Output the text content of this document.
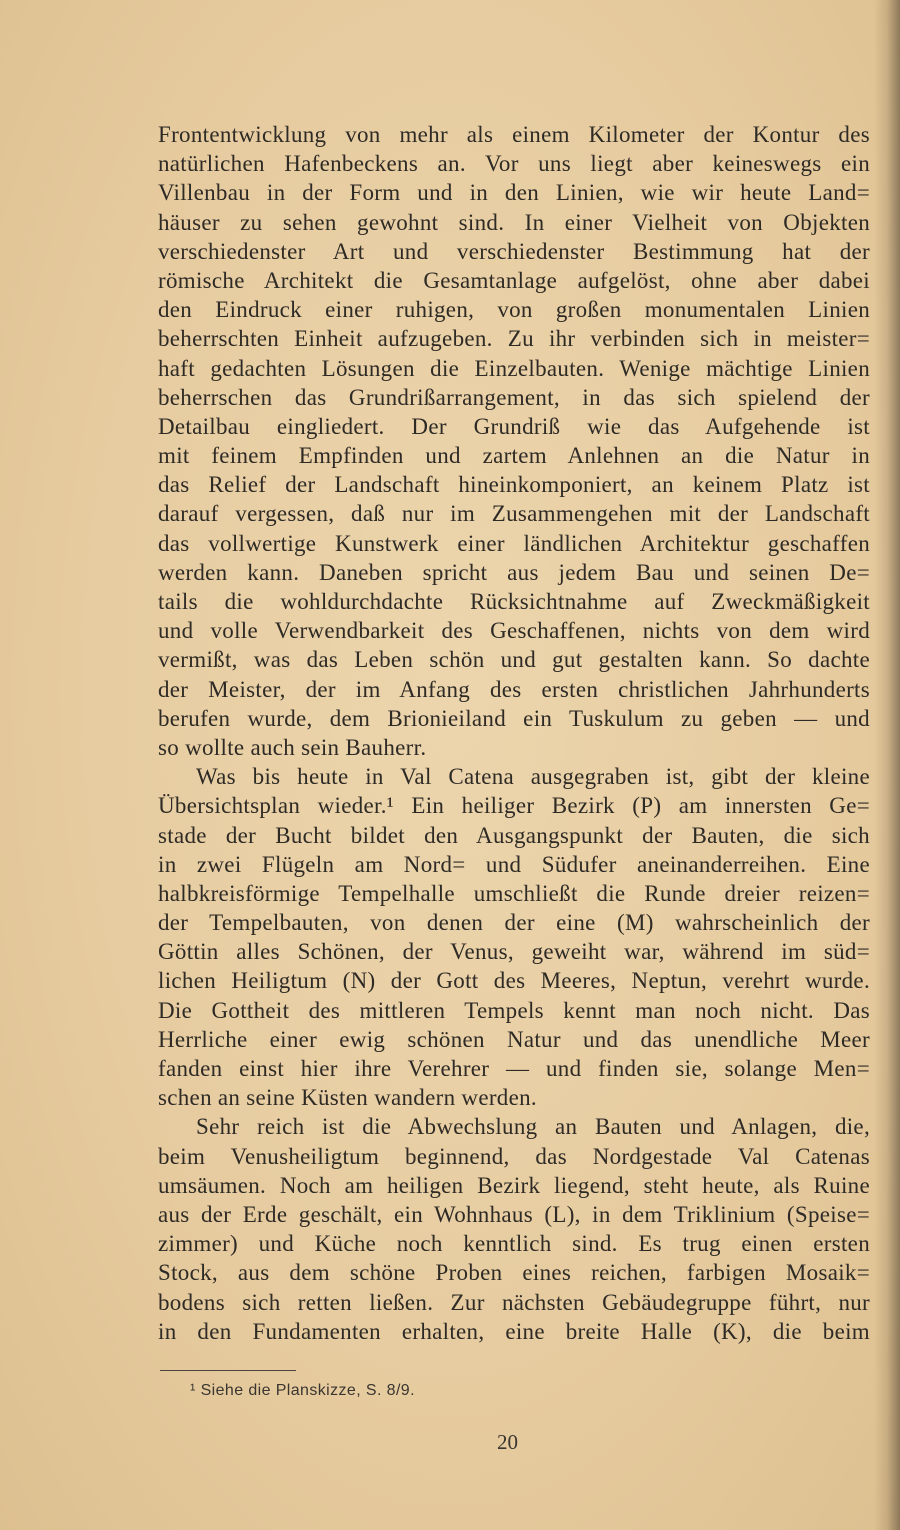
Frontentwicklung von mehr als einem Kilometer der Kontur des
natürlichen Hafenbeckens an. Vor uns liegt aber keineswegs ein
Villenbau in der Form und in den Linien, wie wir heute Land=
häuser zu sehen gewohnt sind. In einer Vielheit von Objekten
verschiedenster Art und verschiedenster Bestimmung hat der
römische Architekt die Gesamtanlage aufgelöst, ohne aber dabei
den Eindruck einer ruhigen, von großen monumentalen Linien
beherrschten Einheit aufzugeben. Zu ihr verbinden sich in meister=
haft gedachten Lösungen die Einzelbauten. Wenige mächtige Linien
beherrschen das Grundrißarrangement, in das sich spielend der
Detailbau eingliedert. Der Grundriß wie das Aufgehende ist
mit feinem Empfinden und zartem Anlehnen an die Natur in
das Relief der Landschaft hineinkomponiert, an keinem Platz ist
darauf vergessen, daß nur im Zusammengehen mit der Landschaft
das vollwertige Kunstwerk einer ländlichen Architektur geschaffen
werden kann. Daneben spricht aus jedem Bau und seinen De=
tails die wohldurchdachte Rücksichtnahme auf Zweckmäßigkeit
und volle Verwendbarkeit des Geschaffenen, nichts von dem wird
vermißt, was das Leben schön und gut gestalten kann. So dachte
der Meister, der im Anfang des ersten christlichen Jahrhunderts
berufen wurde, dem Brionieiland ein Tuskulum zu geben — und
so wollte auch sein Bauherr.
Was bis heute in Val Catena ausgegraben ist, gibt der kleine
Übersichtsplan wieder.¹ Ein heiliger Bezirk (P) am innersten Ge=
stade der Bucht bildet den Ausgangspunkt der Bauten, die sich
in zwei Flügeln am Nord= und Südufer aneinanderreihen. Eine
halbkreisförmige Tempelhalle umschließt die Runde dreier reizen=
der Tempelbauten, von denen der eine (M) wahrscheinlich der
Göttin alles Schönen, der Venus, geweiht war, während im süd=
lichen Heiligtum (N) der Gott des Meeres, Neptun, verehrt wurde.
Die Gottheit des mittleren Tempels kennt man noch nicht. Das
Herrliche einer ewig schönen Natur und das unendliche Meer
fanden einst hier ihre Verehrer — und finden sie, solange Men=
schen an seine Küsten wandern werden.
Sehr reich ist die Abwechslung an Bauten und Anlagen, die,
beim Venusheiligtum beginnend, das Nordgestade Val Catenas
umsäumen. Noch am heiligen Bezirk liegend, steht heute, als Ruine
aus der Erde geschält, ein Wohnhaus (L), in dem Triklinium (Speise=
zimmer) und Küche noch kenntlich sind. Es trug einen ersten
Stock, aus dem schöne Proben eines reichen, farbigen Mosaik=
bodens sich retten ließen. Zur nächsten Gebäudegruppe führt, nur
in den Fundamenten erhalten, eine breite Halle (K), die beim
¹ Siehe die Planskizze, S. 8/9.
20
